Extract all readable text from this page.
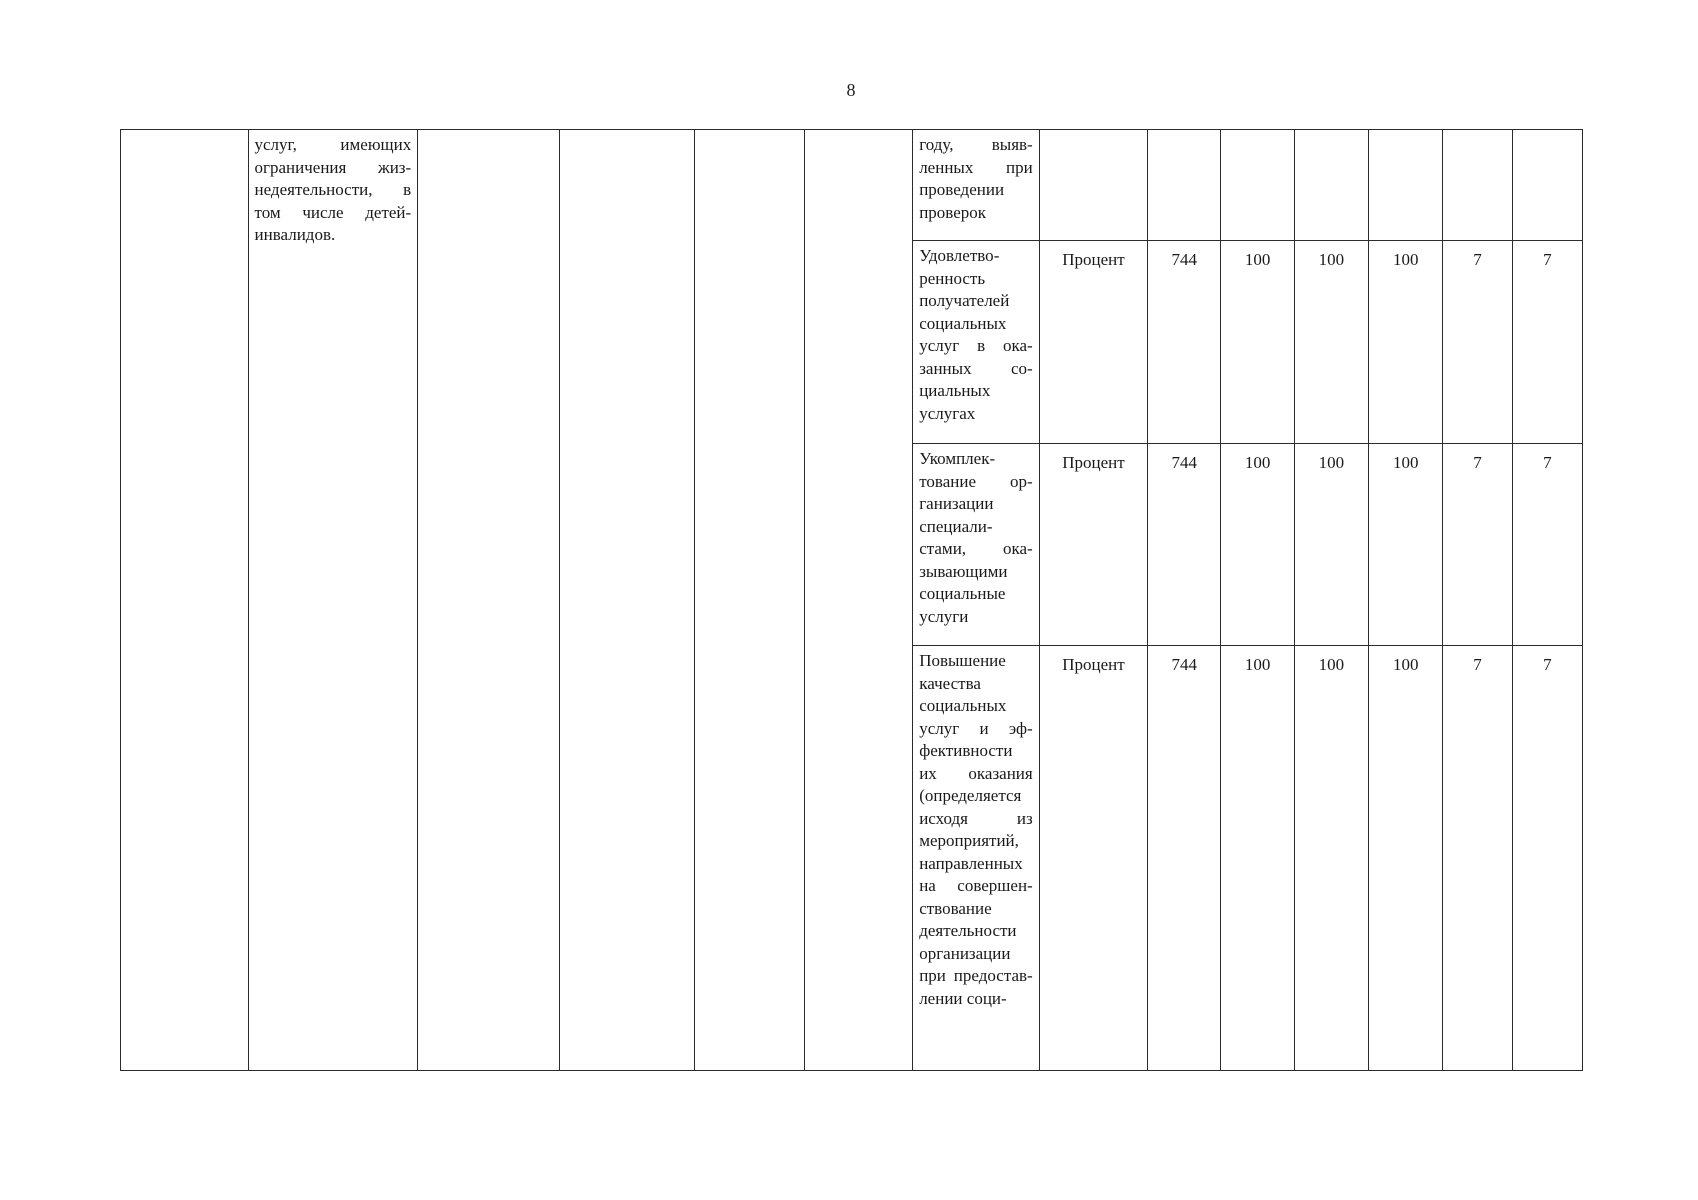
8
	услуг, имеющих ограничения жизнедеятельности, в том числе детей-инвалидов.					году, выявленных при проведении проверок							
						Удовлетворенность получателей социальных услуг в оказанных социальных услугах	Процент	744	100	100	100	7	7
						Укомплектование организации специалистами, оказывающими социальные услуги	Процент	744	100	100	100	7	7
						Повышение качества социальных услуг и эффективности их оказания (определяется исходя из мероприятий, направленных на совершенствование деятельности организации при предоставлении соци-	Процент	744	100	100	100	7	7
